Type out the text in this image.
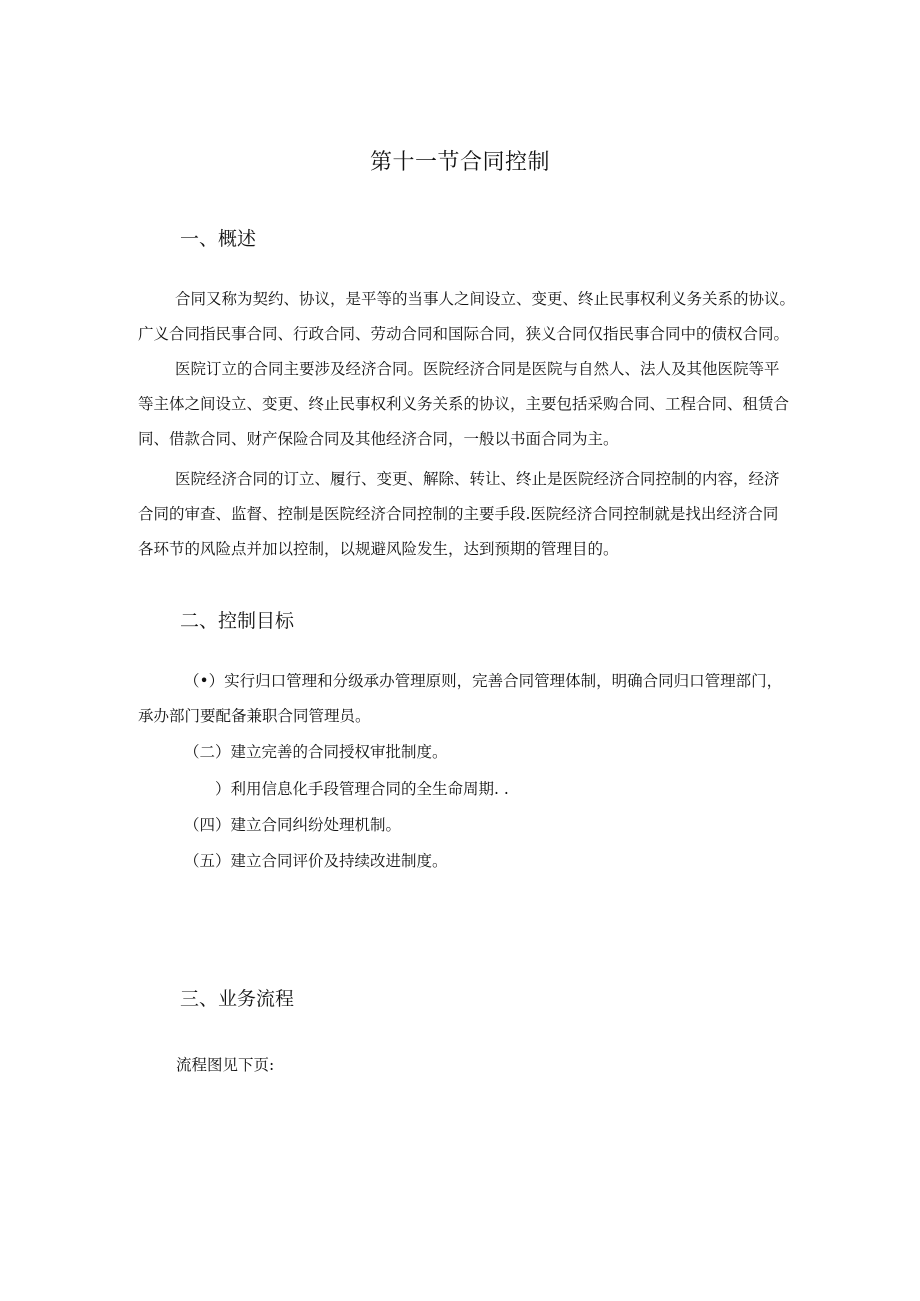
第十一节合同控制
一、概述
合同又称为契约、协议，是平等的当事人之间设立、变更、终止民事权利义务关系的协议。
广义合同指民事合同、行政合同、劳动合同和国际合同，狭义合同仅指民事合同中的债权合同。
医院订立的合同主要涉及经济合同。医院经济合同是医院与自然人、法人及其他医院等平
等主体之间设立、变更、终止民事权利义务关系的协议，主要包括采购合同、工程合同、租赁合
同、借款合同、财产保险合同及其他经济合同，一般以书面合同为主。
医院经济合同的订立、履行、变更、解除、转让、终止是医院经济合同控制的内容，经济
合同的审查、监督、控制是医院经济合同控制的主要手段.医院经济合同控制就是找出经济合同
各环节的风险点并加以控制，以规避风险发生，达到预期的管理目的。
二、控制目标
（•）实行归口管理和分级承办管理原则，完善合同管理体制，明确合同归口管理部门，
承办部门要配备兼职合同管理员。
（二）建立完善的合同授权审批制度。
）利用信息化手段管理合同的全生命周期. .
（四）建立合同纠纷处理机制。
（五）建立合同评价及持续改进制度。
三、业务流程
流程图见下页:
